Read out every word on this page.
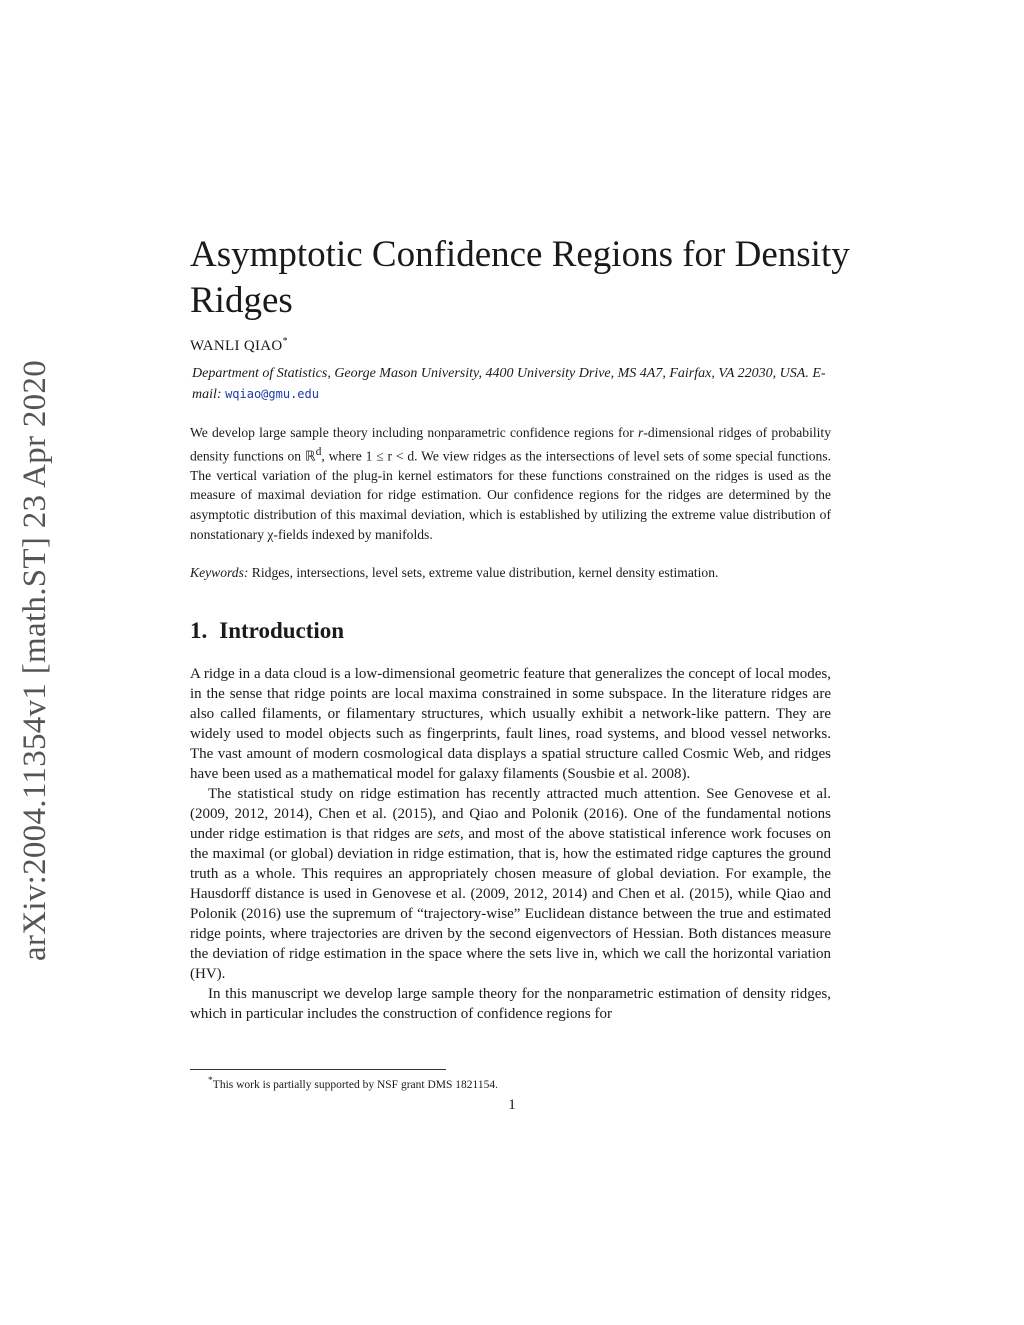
arXiv:2004.11354v1 [math.ST] 23 Apr 2020
Asymptotic Confidence Regions for Density Ridges
WANLI QIAO*
Department of Statistics, George Mason University, 4400 University Drive, MS 4A7, Fairfax, VA 22030, USA. E-mail: wqiao@gmu.edu

We develop large sample theory including nonparametric confidence regions for r-dimensional ridges of probability density functions on ℝ$^d$, where 1 ≤ r < d. We view ridges as the intersections of level sets of some special functions. The vertical variation of the plug-in kernel estimators for these functions constrained on the ridges is used as the measure of maximal deviation for ridge estimation. Our confidence regions for the ridges are determined by the asymptotic distribution of this maximal deviation, which is established by utilizing the extreme value distribution of nonstationary χ-fields indexed by manifolds.

Keywords: Ridges, intersections, level sets, extreme value distribution, kernel density estimation.
1. Introduction

A ridge in a data cloud is a low-dimensional geometric feature that generalizes the concept of local modes, in the sense that ridge points are local maxima constrained in some subspace. In the literature ridges are also called filaments, or filamentary structures, which usually exhibit a network-like pattern. They are widely used to model objects such as fingerprints, fault lines, road systems, and blood vessel networks. The vast amount of modern cosmological data displays a spatial structure called Cosmic Web, and ridges have been used as a mathematical model for galaxy filaments (Sousbie et al. 2008).

The statistical study on ridge estimation has recently attracted much attention. See Genovese et al. (2009, 2012, 2014), Chen et al. (2015), and Qiao and Polonik (2016). One of the fundamental notions under ridge estimation is that ridges are sets, and most of the above statistical inference work focuses on the maximal (or global) deviation in ridge estimation, that is, how the estimated ridge captures the ground truth as a whole. This requires an appropriately chosen measure of global deviation. For example, the Hausdorff distance is used in Genovese et al. (2009, 2012, 2014) and Chen et al. (2015), while Qiao and Polonik (2016) use the supremum of “trajectory-wise” Euclidean distance between the true and estimated ridge points, where trajectories are driven by the second eigenvectors of Hessian. Both distances measure the deviation of ridge estimation in the space where the sets live in, which we call the horizontal variation (HV).

In this manuscript we develop large sample theory for the nonparametric estimation of density ridges, which in particular includes the construction of confidence regions for

*This work is partially supported by NSF grant DMS 1821154.
1
